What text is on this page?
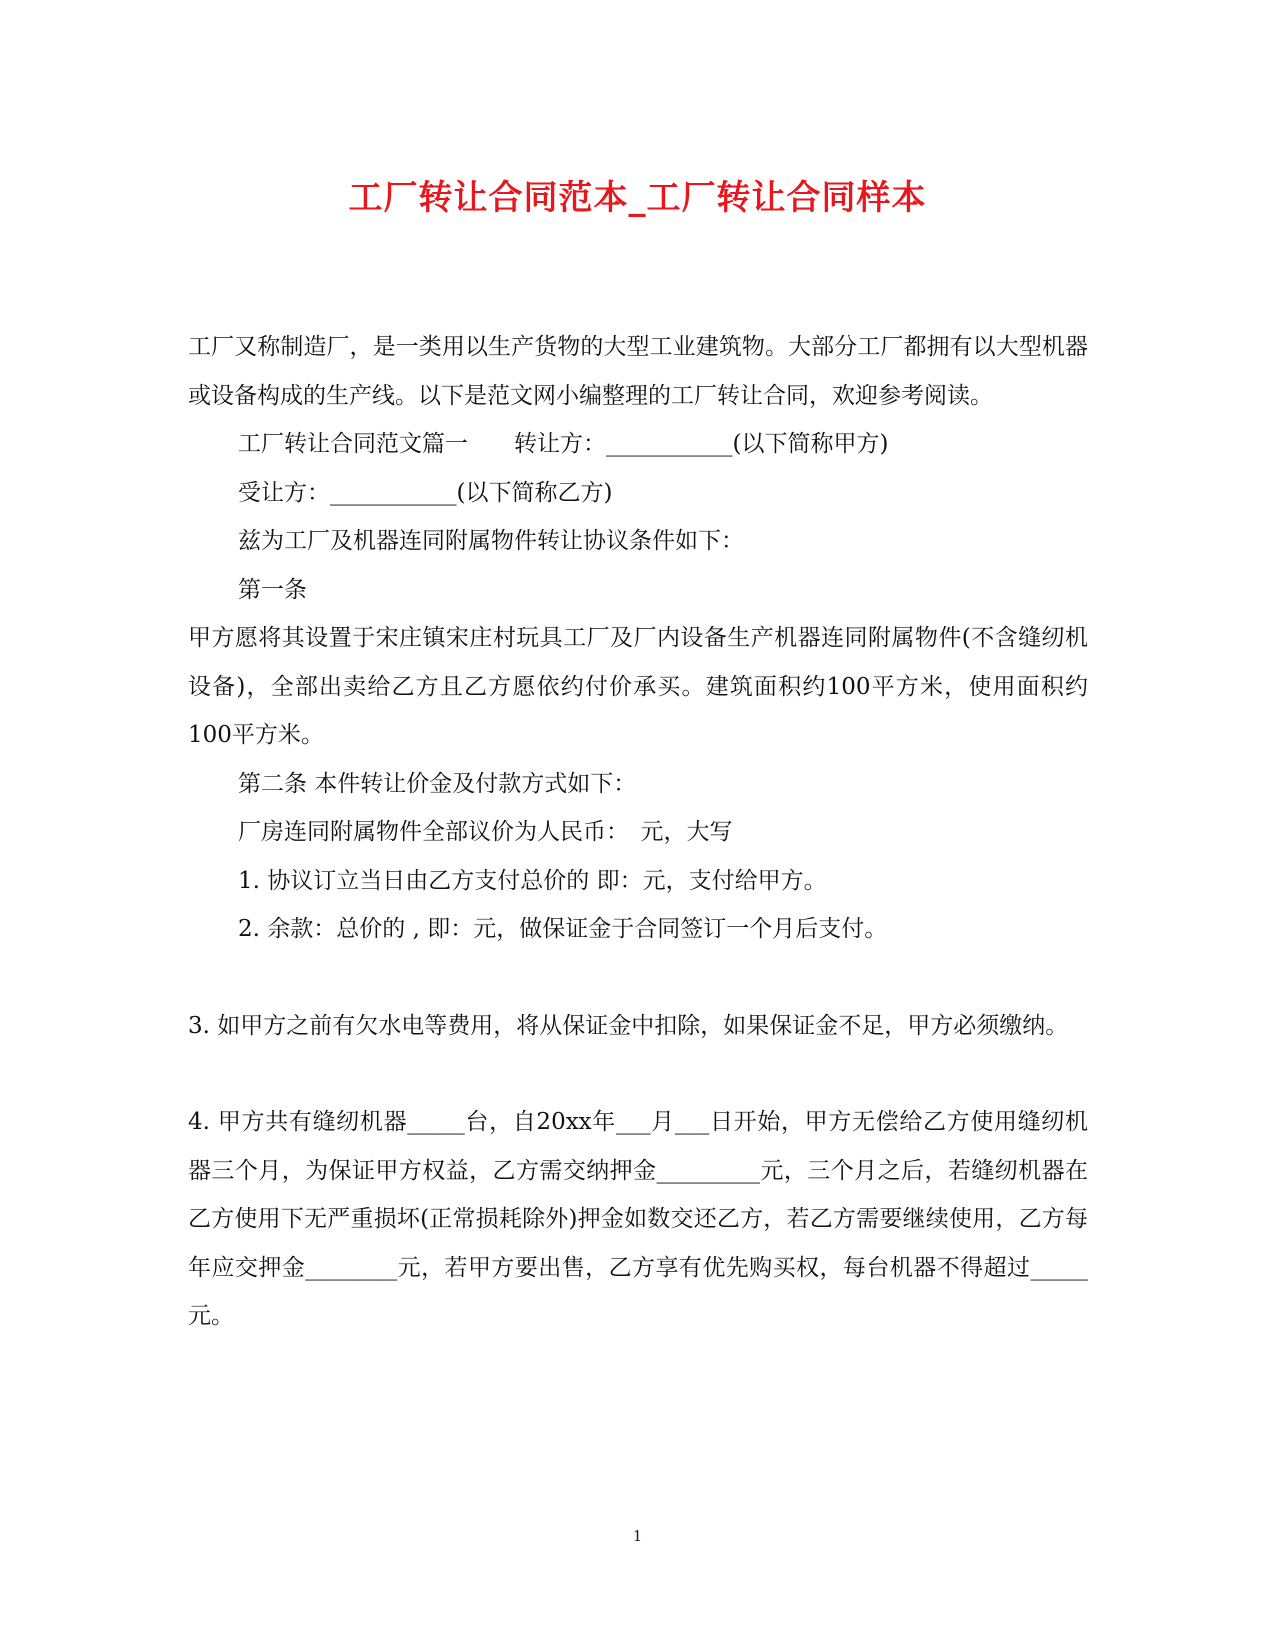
工厂转让合同范本_工厂转让合同样本

工厂又称制造厂，是一类用以生产货物的大型工业建筑物。大部分工厂都拥有以大型机器或设备构成的生产线。以下是范文网小编整理的工厂转让合同，欢迎参考阅读。

工厂转让合同范文篇一　　转让方：___________(以下简称甲方)

受让方：___________(以下简称乙方)

兹为工厂及机器连同附属物件转让协议条件如下：

第一条

甲方愿将其设置于宋庄镇宋庄村玩具工厂及厂内设备生产机器连同附属物件(不含缝纫机设备)，全部出卖给乙方且乙方愿依约付价承买。建筑面积约100平方米，使用面积约100平方米。

第二条 本件转让价金及付款方式如下：

厂房连同附属物件全部议价为人民币：　元，大写

1. 协议订立当日由乙方支付总价的 即：元，支付给甲方。

2. 余款：总价的 , 即：元，做保证金于合同签订一个月后支付。

3. 如甲方之前有欠水电等费用，将从保证金中扣除，如果保证金不足，甲方必须缴纳。

4. 甲方共有缝纫机器_____台，自20xx年___月___日开始，甲方无偿给乙方使用缝纫机器三个月，为保证甲方权益，乙方需交纳押金_________元，三个月之后，若缝纫机器在乙方使用下无严重损坏(正常损耗除外)押金如数交还乙方，若乙方需要继续使用，乙方每年应交押金________元，若甲方要出售，乙方享有优先购买权，每台机器不得超过_____元。

1
